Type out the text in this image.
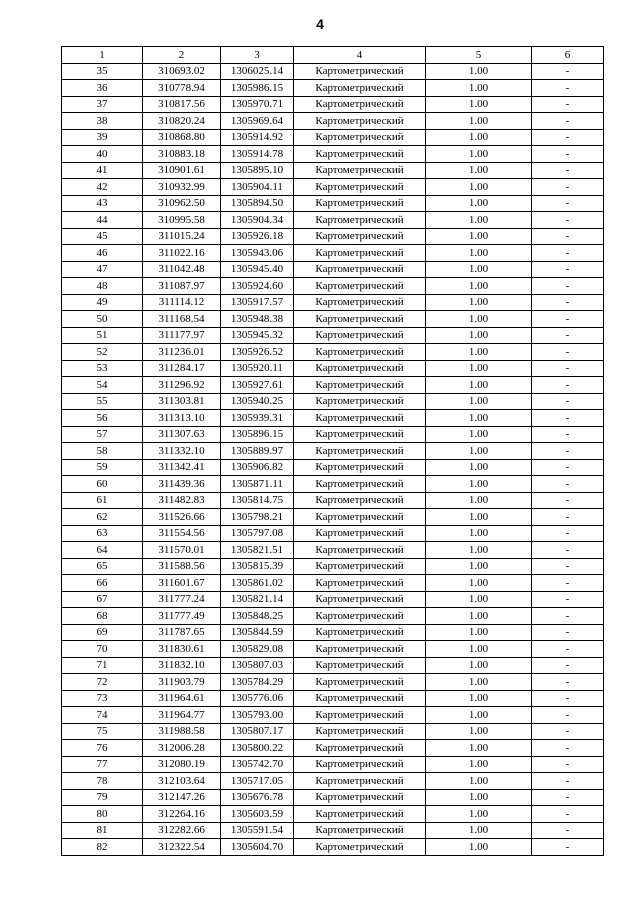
4
1	2	3	4	5	6
35	310693.02	1306025.14	Картометрический	1.00	-
36	310778.94	1305986.15	Картометрический	1.00	-
37	310817.56	1305970.71	Картометрический	1.00	-
38	310820.24	1305969.64	Картометрический	1.00	-
39	310868.80	1305914.92	Картометрический	1.00	-
40	310883.18	1305914.78	Картометрический	1.00	-
41	310901.61	1305895.10	Картометрический	1.00	-
42	310932.99	1305904.11	Картометрический	1.00	-
43	310962.50	1305894.50	Картометрический	1.00	-
44	310995.58	1305904.34	Картометрический	1.00	-
45	311015.24	1305926.18	Картометрический	1.00	-
46	311022.16	1305943.06	Картометрический	1.00	-
47	311042.48	1305945.40	Картометрический	1.00	-
48	311087.97	1305924.60	Картометрический	1.00	-
49	311114.12	1305917.57	Картометрический	1.00	-
50	311168.54	1305948.38	Картометрический	1.00	-
51	311177.97	1305945.32	Картометрический	1.00	-
52	311236.01	1305926.52	Картометрический	1.00	-
53	311284.17	1305920.11	Картометрический	1.00	-
54	311296.92	1305927.61	Картометрический	1.00	-
55	311303.81	1305940.25	Картометрический	1.00	-
56	311313.10	1305939.31	Картометрический	1.00	-
57	311307.63	1305896.15	Картометрический	1.00	-
58	311332.10	1305889.97	Картометрический	1.00	-
59	311342.41	1305906.82	Картометрический	1.00	-
60	311439.36	1305871.11	Картометрический	1.00	-
61	311482.83	1305814.75	Картометрический	1.00	-
62	311526.66	1305798.21	Картометрический	1.00	-
63	311554.56	1305797.08	Картометрический	1.00	-
64	311570.01	1305821.51	Картометрический	1.00	-
65	311588.56	1305815.39	Картометрический	1.00	-
66	311601.67	1305861.02	Картометрический	1.00	-
67	311777.24	1305821.14	Картометрический	1.00	-
68	311777.49	1305848.25	Картометрический	1.00	-
69	311787.65	1305844.59	Картометрический	1.00	-
70	311830.61	1305829.08	Картометрический	1.00	-
71	311832.10	1305807.03	Картометрический	1.00	-
72	311903.79	1305784.29	Картометрический	1.00	-
73	311964.61	1305776.06	Картометрический	1.00	-
74	311964.77	1305793.00	Картометрический	1.00	-
75	311988.58	1305807.17	Картометрический	1.00	-
76	312006.28	1305800.22	Картометрический	1.00	-
77	312080.19	1305742.70	Картометрический	1.00	-
78	312103.64	1305717.05	Картометрический	1.00	-
79	312147.26	1305676.78	Картометрический	1.00	-
80	312264.16	1305603.59	Картометрический	1.00	-
81	312282.66	1305591.54	Картометрический	1.00	-
82	312322.54	1305604.70	Картометрический	1.00	-
